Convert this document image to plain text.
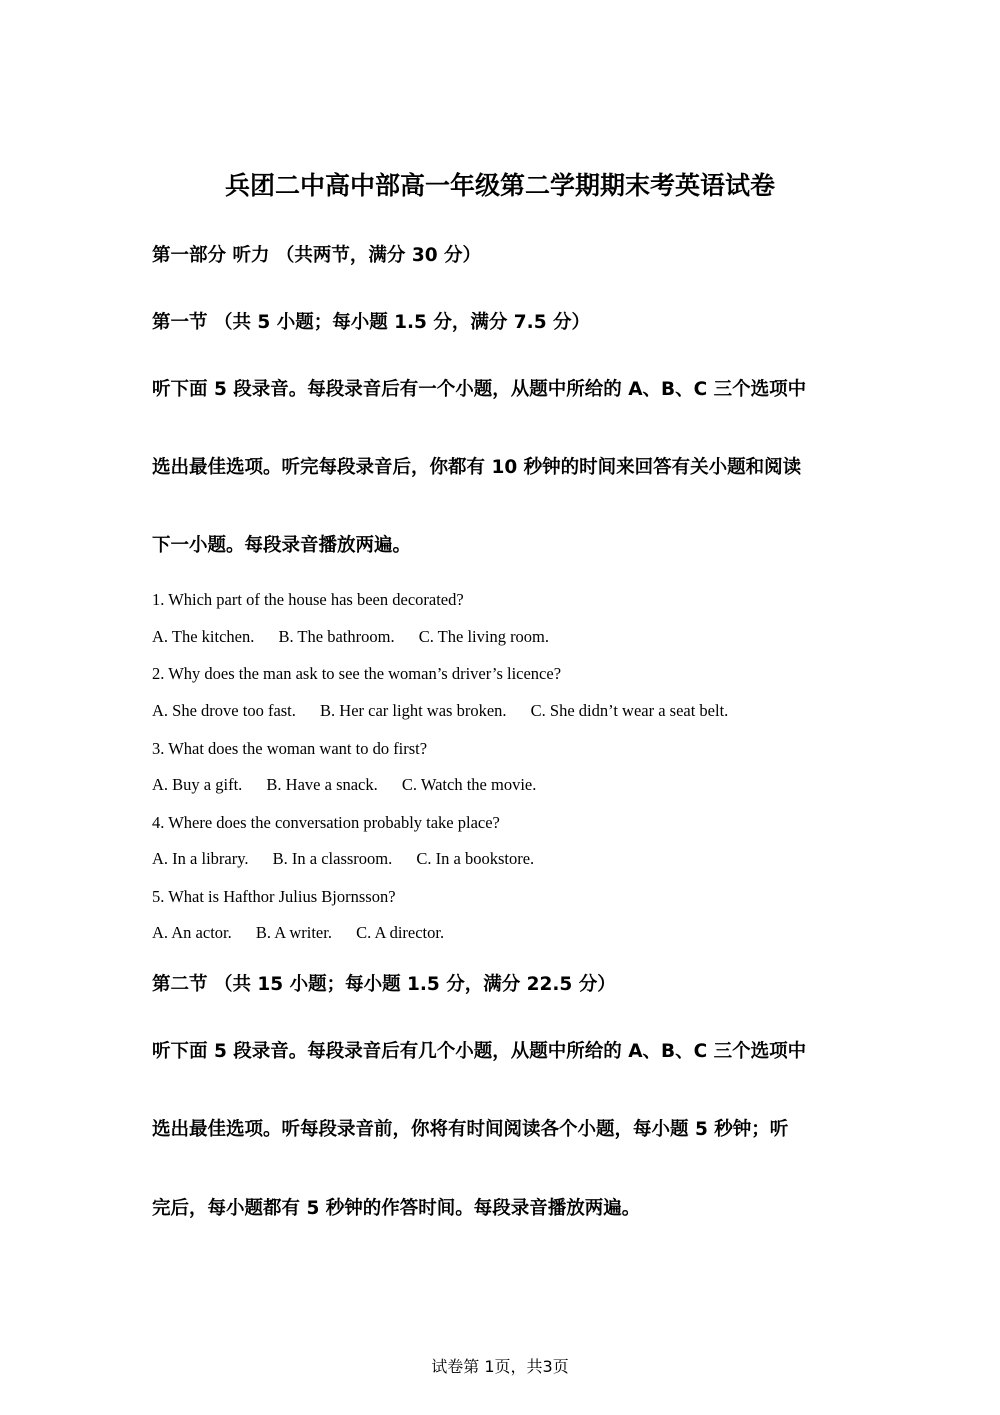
兵团二中高中部高一年级第二学期期末考英语试卷
第一部分 听力 （共两节，满分 30 分）
第一节 （共 5 小题；每小题 1.5 分，满分 7.5 分）
听下面 5 段录音。每段录音后有一个小题，从题中所给的 A、B、C 三个选项中
选出最佳选项。听完每段录音后，你都有 10 秒钟的时间来回答有关小题和阅读
下一小题。每段录音播放两遍。
1. Which part of the house has been decorated?
A. The kitchen. B. The bathroom. C. The living room.
2. Why does the man ask to see the woman’s driver’s licence?
A. She drove too fast. B. Her car light was broken. C. She didn’t wear a seat belt.
3. What does the woman want to do first?
A. Buy a gift. B. Have a snack. C. Watch the movie.
4. Where does the conversation probably take place?
A. In a library. B. In a classroom. C. In a bookstore.
5. What is Hafthor Julius Bjornsson?
A. An actor. B. A writer. C. A director.
第二节 （共 15 小题；每小题 1.5 分，满分 22.5 分）
听下面 5 段录音。每段录音后有几个小题，从题中所给的 A、B、C 三个选项中
选出最佳选项。听每段录音前，你将有时间阅读各个小题，每小题 5 秒钟；听
完后，每小题都有 5 秒钟的作答时间。每段录音播放两遍。
试卷第 1页，共3页
